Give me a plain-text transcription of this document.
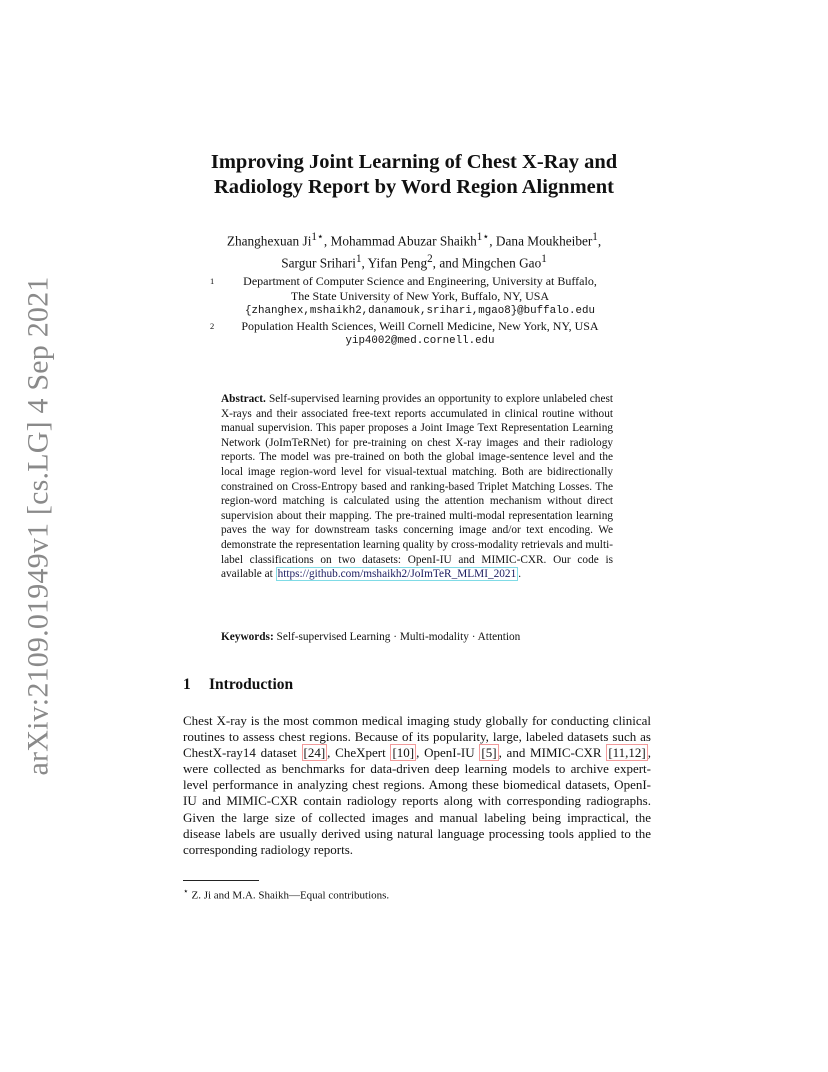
arXiv:2109.01949v1 [cs.LG] 4 Sep 2021
Improving Joint Learning of Chest X-Ray and
Radiology Report by Word Region Alignment
Zhanghexuan $Ji^{1⋆}$, Mohammad Abuzar Shaikh$^{1⋆}$, Dana Moukheiber$^1$,
Sargur Srihari$^1$, Yifan Peng$^2$, and Mingchen Gao$^1$
1 Department of Computer Science and Engineering, University at Buffalo,
The State University of New York, Buffalo, NY, USA
{zhanghex,mshaikh2,danamouk,srihari,mgao8}@buffalo.edu
2 Population Health Sciences, Weill Cornell Medicine, New York, NY, USA
yip4002@med.cornell.edu
Abstract. Self-supervised learning provides an opportunity to explore unlabeled chest X-rays and their associated free-text reports accumulated in clinical routine without manual supervision. This paper proposes a Joint Image Text Representation Learning Network (JoImTeRNet) for pre-training on chest X-ray images and their radiology reports. The model was pre-trained on both the global image-sentence level and the local image region-word level for visual-textual matching. Both are bidirectionally constrained on Cross-Entropy based and ranking-based Triplet Matching Losses. The region-word matching is calculated using the attention mechanism without direct supervision about their mapping. The pre-trained multi-modal representation learning paves the way for downstream tasks concerning image and/or text encoding. We demonstrate the representation learning quality by cross-modality retrievals and multi-label classifications on two datasets: OpenI-IU and MIMIC-CXR. Our code is available at https://github.com/mshaikh2/JoImTeR_MLMI_2021 .
Keywords: Self-supervised Learning · Multi-modality · Attention
1 Introduction
Chest X-ray is the most common medical imaging study globally for conducting clinical routines to assess chest regions. Because of its popularity, large, labeled datasets such as ChestX-ray14 dataset [24] , CheXpert [10] , OpenI-IU [5] , and MIMIC-CXR [11,12] , were collected as benchmarks for data-driven deep learning models to archive expert-level performance in analyzing chest regions. Among these biomedical datasets, OpenI-IU and MIMIC-CXR contain radiology reports along with corresponding radiographs. Given the large size of collected images and manual labeling being impractical, the disease labels are usually derived using natural language processing tools applied to the corresponding radiology reports.
⋆ Z. Ji and M.A. Shaikh—Equal contributions.
